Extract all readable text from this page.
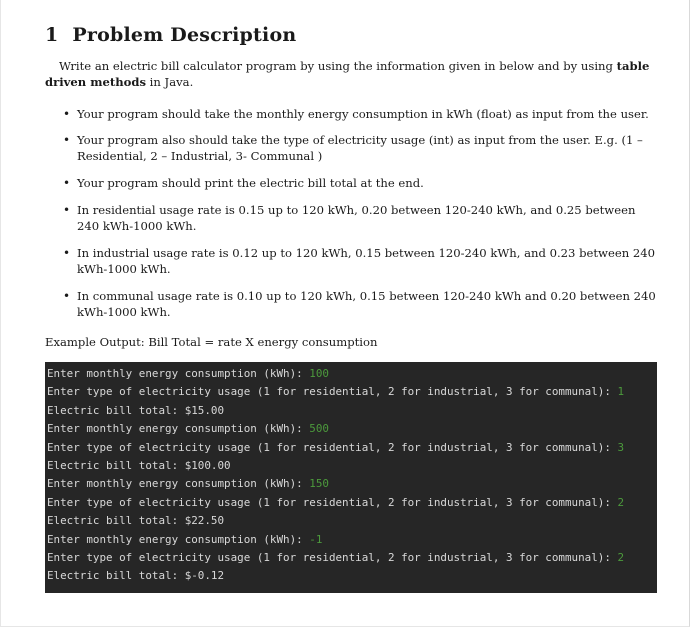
1 Problem Description
Write an electric bill calculator program by using the information given in below and by using table driven methods in Java.
• Your program should take the monthly energy consumption in kWh (float) as input from the user.
• Your program also should take the type of electricity usage (int) as input from the user. E.g. (1 – Residential, 2 – Industrial, 3- Communal )
• Your program should print the electric bill total at the end.
• In residential usage rate is 0.15 up to 120 kWh, 0.20 between 120-240 kWh, and 0.25 between 240 kWh-1000 kWh.
• In industrial usage rate is 0.12 up to 120 kWh, 0.15 between 120-240 kWh, and 0.23 between 240 kWh-1000 kWh.
• In communal usage rate is 0.10 up to 120 kWh, 0.15 between 120-240 kWh and 0.20 between 240 kWh-1000 kWh.
Example Output: Bill Total = rate X energy consumption
Enter monthly energy consumption (kWh): 100
Enter type of electricity usage (1 for residential, 2 for industrial, 3 for communal): 1
Electric bill total: $15.00
Enter monthly energy consumption (kWh): 500
Enter type of electricity usage (1 for residential, 2 for industrial, 3 for communal): 3
Electric bill total: $100.00
Enter monthly energy consumption (kWh): 150
Enter type of electricity usage (1 for residential, 2 for industrial, 3 for communal): 2
Electric bill total: $22.50
Enter monthly energy consumption (kWh): -1
Enter type of electricity usage (1 for residential, 2 for industrial, 3 for communal): 2
Electric bill total: $-0.12
